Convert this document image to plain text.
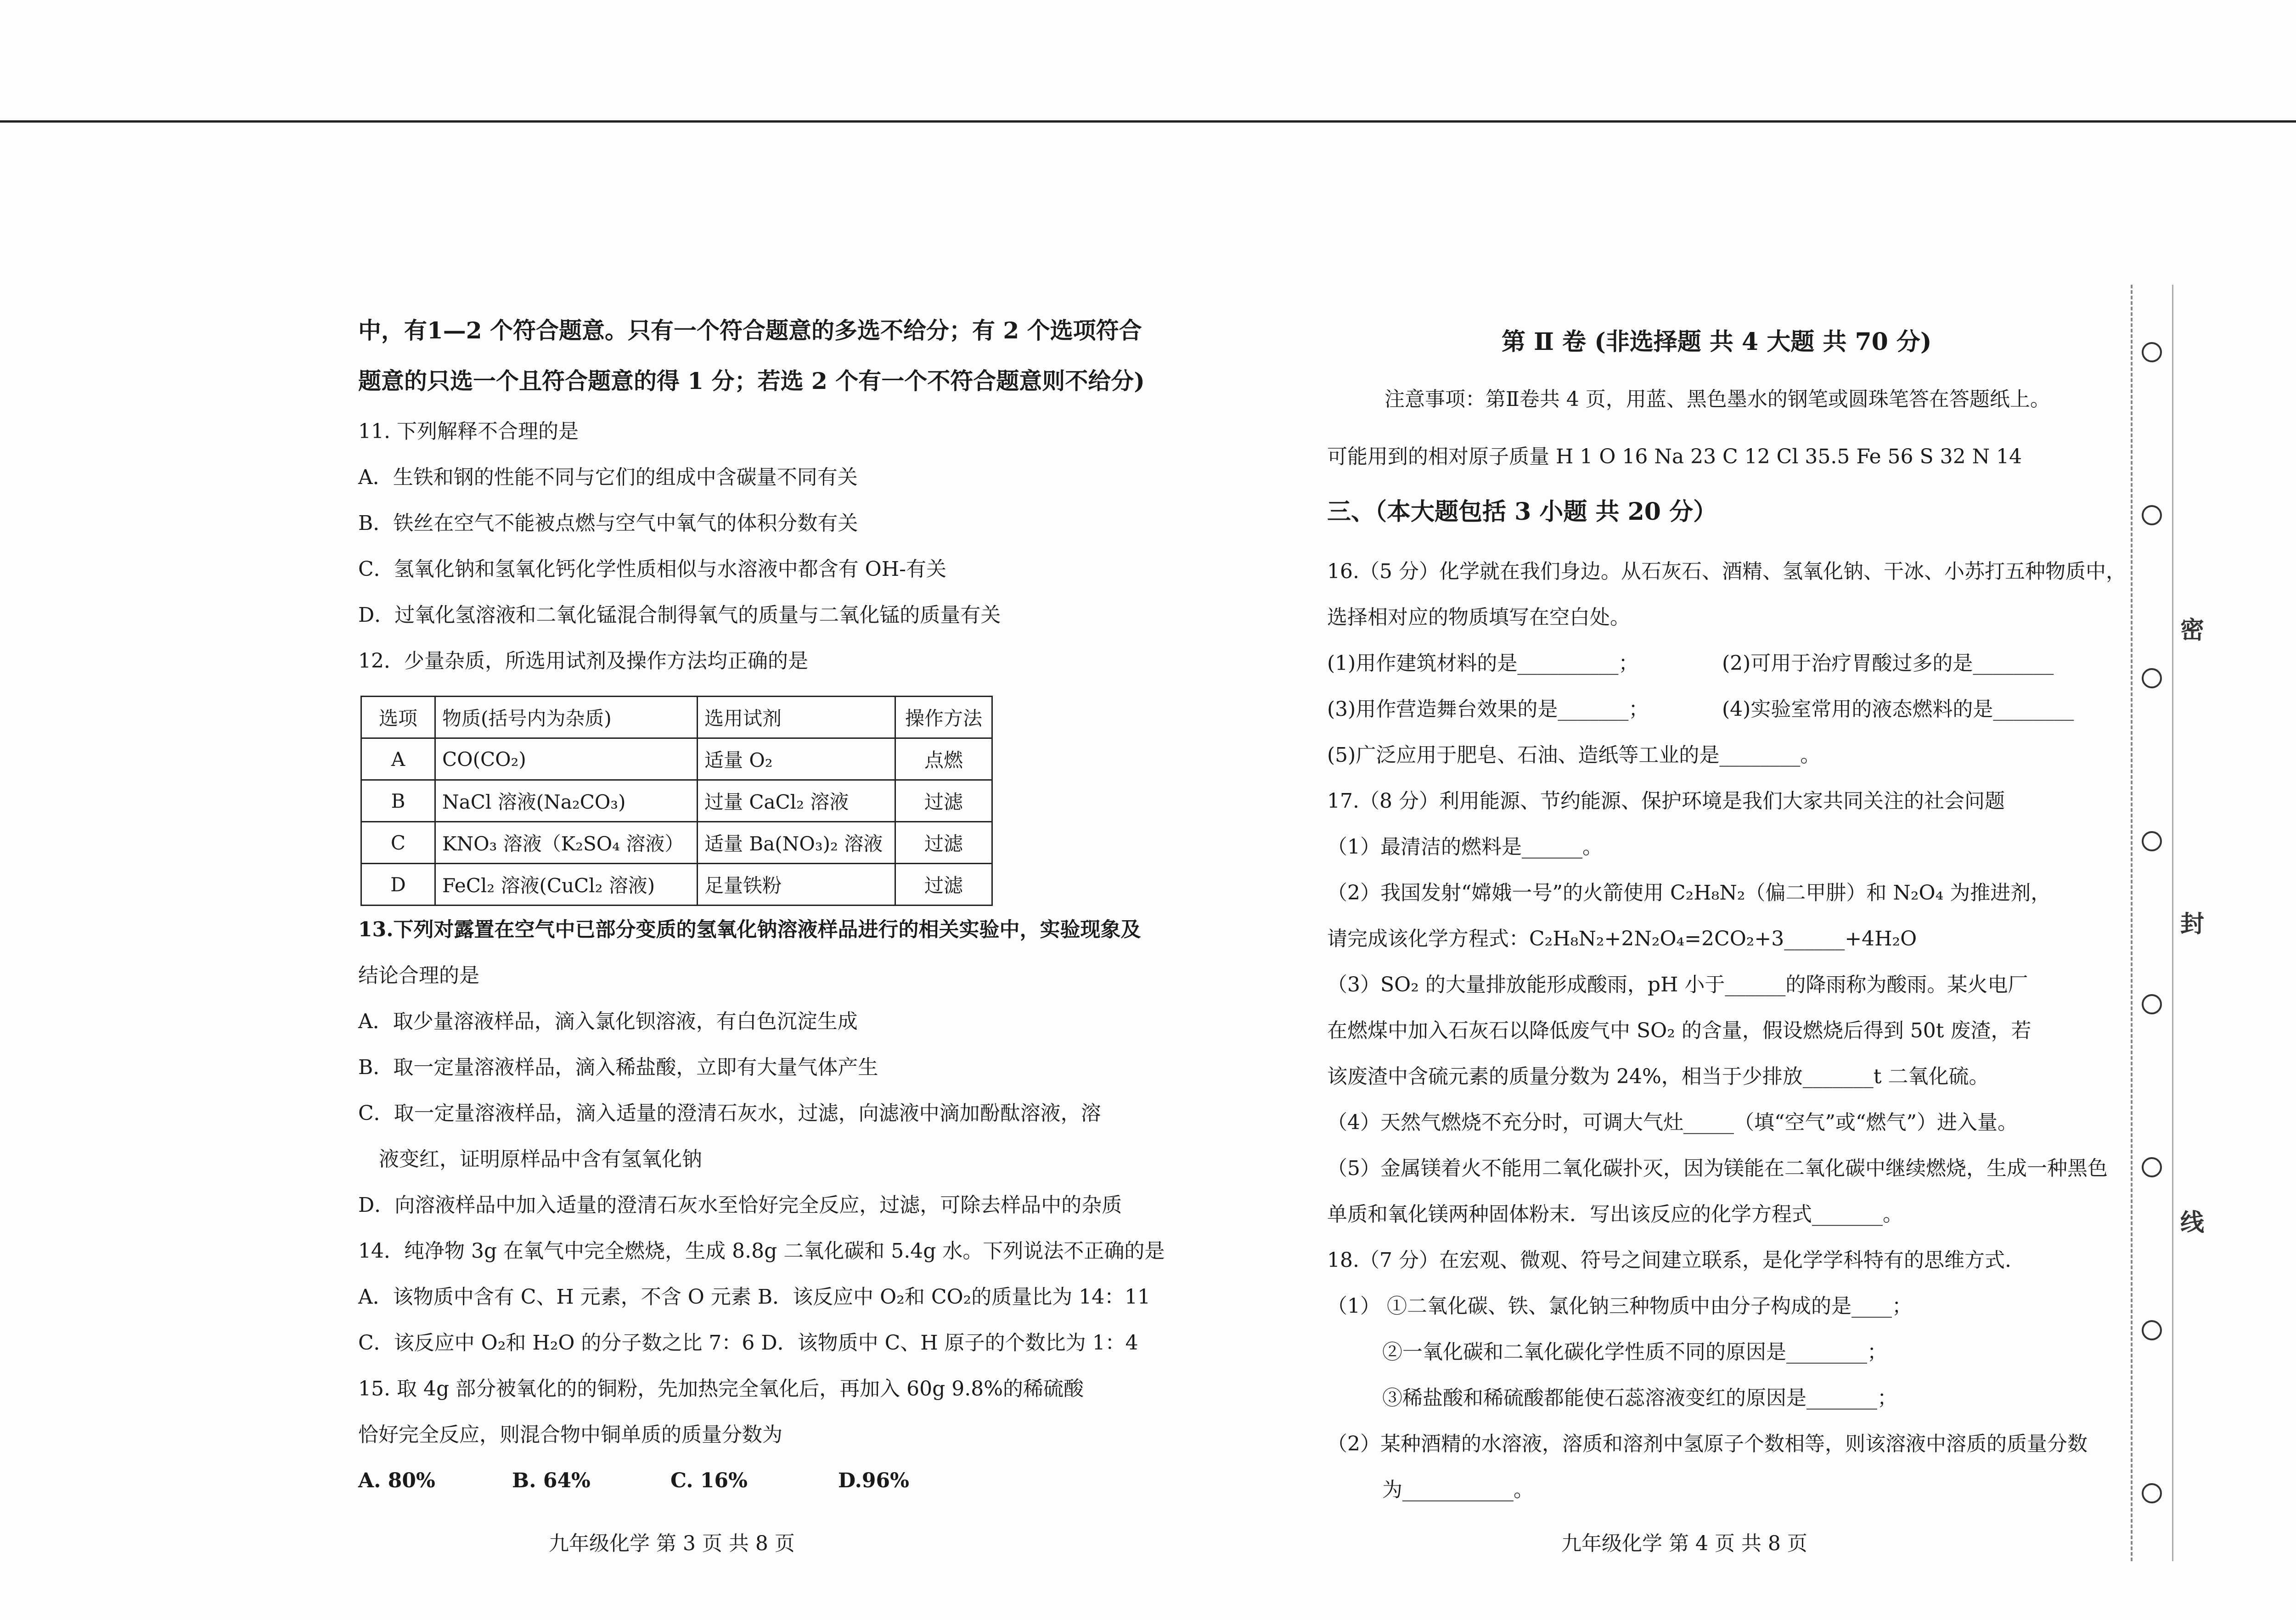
中，有1—2 个符合题意。只有一个符合题意的多选不给分；有 2 个选项符合
题意的只选一个且符合题意的得 1 分；若选 2 个有一个不符合题意则不给分)
11. 下列解释不合理的是
A．生铁和钢的性能不同与它们的组成中含碳量不同有关
B．铁丝在空气不能被点燃与空气中氧气的体积分数有关
C．氢氧化钠和氢氧化钙化学性质相似与水溶液中都含有 OH-有关
D．过氧化氢溶液和二氧化锰混合制得氧气的质量与二氧化锰的质量有关
12．少量杂质，所选用试剂及操作方法均正确的是
选项	物质(括号内为杂质)	选用试剂	操作方法
A	CO(CO₂)	适量 O₂	点燃
B	NaCl 溶液(Na₂CO₃)	过量 CaCl₂ 溶液	过滤
C	KNO₃ 溶液（K₂SO₄ 溶液）	适量 Ba(NO₃)₂ 溶液	过滤
D	FeCl₂ 溶液(CuCl₂ 溶液)	足量铁粉	过滤
13.下列对露置在空气中已部分变质的氢氧化钠溶液样品进行的相关实验中，实验现象及
结论合理的是
A．取少量溶液样品，滴入氯化钡溶液，有白色沉淀生成
B．取一定量溶液样品，滴入稀盐酸，立即有大量气体产生
C．取一定量溶液样品，滴入适量的澄清石灰水，过滤，向滤液中滴加酚酞溶液，溶
液变红，证明原样品中含有氢氧化钠
D．向溶液样品中加入适量的澄清石灰水至恰好完全反应，过滤，可除去样品中的杂质
14．纯净物 3g 在氧气中完全燃烧，生成 8.8g 二氧化碳和 5.4g 水。下列说法不正确的是
A．该物质中含有 C、H 元素，不含 O 元素 B．该反应中 O₂和 CO₂的质量比为 14：11
C．该反应中 O₂和 H₂O 的分子数之比 7：6 D．该物质中 C、H 原子的个数比为 1：4
15. 取 4g 部分被氧化的的铜粉，先加热完全氧化后，再加入 60g 9.8%的稀硫酸
恰好完全反应，则混合物中铜单质的质量分数为
A. 80%	B. 64%	C. 16%	D.96%
九年级化学 第 3 页 共 8 页
第 Ⅱ 卷 (非选择题 共 4 大题 共 70 分)
注意事项：第Ⅱ卷共 4 页，用蓝、黑色墨水的钢笔或圆珠笔答在答题纸上。
可能用到的相对原子质量 H 1 O 16 Na 23 C 12 Cl 35.5 Fe 56 S 32 N 14
三、（本大题包括 3 小题 共 20 分）
16.（5 分）化学就在我们身边。从石灰石、酒精、氢氧化钠、干冰、小苏打五种物质中，
选择相对应的物质填写在空白处。
(1)用作建筑材料的是__________；	(2)可用于治疗胃酸过多的是________
(3)用作营造舞台效果的是_______；	(4)实验室常用的液态燃料的是________
(5)广泛应用于肥皂、石油、造纸等工业的是________。
17.（8 分）利用能源、节约能源、保护环境是我们大家共同关注的社会问题
（1）最清洁的燃料是______。
（2）我国发射“嫦娥一号”的火箭使用 C₂H₈N₂（偏二甲肼）和 N₂O₄ 为推进剂，
请完成该化学方程式：C₂H₈N₂+2N₂O₄=2CO₂+3______+4H₂O
（3）SO₂ 的大量排放能形成酸雨，pH 小于______的降雨称为酸雨。某火电厂
在燃煤中加入石灰石以降低废气中 SO₂ 的含量，假设燃烧后得到 50t 废渣，若
该废渣中含硫元素的质量分数为 24%，相当于少排放_______t 二氧化硫。
（4）天然气燃烧不充分时，可调大气灶_____（填“空气”或“燃气”）进入量。
（5）金属镁着火不能用二氧化碳扑灭，因为镁能在二氧化碳中继续燃烧，生成一种黑色
单质和氧化镁两种固体粉末．写出该反应的化学方程式_______。
18.（7 分）在宏观、微观、符号之间建立联系，是化学学科特有的思维方式.
（1） ①二氧化碳、铁、氯化钠三种物质中由分子构成的是____；
②一氧化碳和二氧化碳化学性质不同的原因是________；
③稀盐酸和稀硫酸都能使石蕊溶液变红的原因是_______；
（2）某种酒精的水溶液，溶质和溶剂中氢原子个数相等，则该溶液中溶质的质量分数
为___________。
九年级化学 第 4 页 共 8 页
密
封
线
